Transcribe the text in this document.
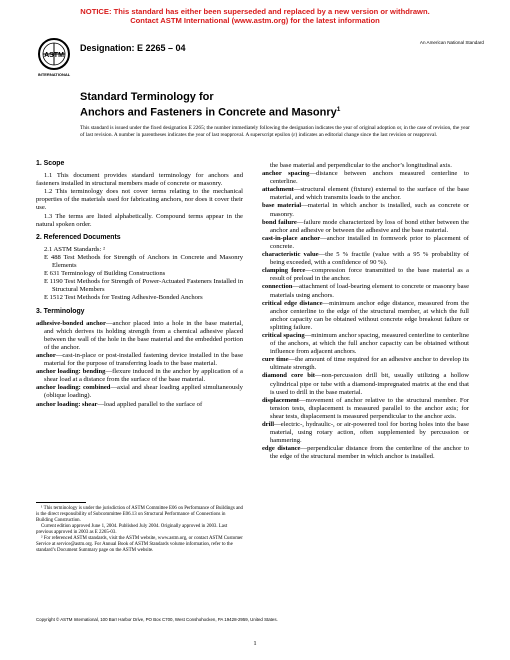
NOTICE: This standard has either been superseded and replaced by a new version or withdrawn.
Contact ASTM International (www.astm.org) for the latest information
ASTM
INTERNATIONAL
Designation: E 2265 – 04
An American National Standard
Standard Terminology for
Anchors and Fasteners in Concrete and Masonry$^1$
This standard is issued under the fixed designation E 2265; the number immediately following the designation indicates the year of original adoption or, in the case of revision, the year of last revision. A number in parentheses indicates the year of last reapproval. A superscript epsilon (ε) indicates an editorial change since the last revision or reapproval.
1. Scope

1.1 This document provides standard terminology for anchors and fasteners installed in structural members made of concrete or masonry.

1.2 This terminology does not cover terms relating to the mechanical properties of the materials used for fabricating anchors, nor does it cover their use.

1.3 The terms are listed alphabetically. Compound terms appear in the natural spoken order.

2. Referenced Documents

2.1 ASTM Standards: ²

E 488 Test Methods for Strength of Anchors in Concrete and Masonry Elements

E 631 Terminology of Building Constructions

E 1190 Test Methods for Strength of Power-Actuated Fasteners Installed in Structural Members

E 1512 Test Methods for Testing Adhesive-Bonded Anchors

3. Terminology

adhesive-bonded anchor—anchor placed into a hole in the base material, and which derives its holding strength from a chemical adhesive placed between the wall of the hole in the base material and the embedded portion of the anchor.

anchor—cast-in-place or post-installed fastening device installed in the base material for the purpose of transferring loads to the base material.

anchor loading: bending—flexure induced in the anchor by application of a shear load at a distance from the surface of the base material.

anchor loading: combined—axial and shear loading applied simultaneously (oblique loading).

anchor loading: shear—load applied parallel to the surface of

¹ This terminology is under the jurisdiction of ASTM Committee E06 on Performance of Buildings and is the direct responsibility of Subcommittee E06.13 on Structural Performance of Connections in Building Construction.

Current edition approved June 1, 2004. Published July 2004. Originally approved in 2003. Last previous approved in 2003 as E 2265-03.

² For referenced ASTM standards, visit the ASTM website, www.astm.org, or contact ASTM Customer Service at service@astm.org. For Annual Book of ASTM Standards volume information, refer to the standard’s Document Summary page on the ASTM website.

the base material and perpendicular to the anchor’s longitudinal axis.

anchor spacing—distance between anchors measured centerline to centerline.

attachment—structural element (fixture) external to the surface of the base material, and which transmits loads to the anchor.

base material—material in which anchor is installed, such as concrete or masonry.

bond failure—failure mode characterized by loss of bond either between the anchor and adhesive or between the adhesive and the base material.

cast-in-place anchor—anchor installed in formwork prior to placement of concrete.

characteristic value—the 5 % fractile (value with a 95 % probability of being exceeded, with a confidence of 90 %).

clamping force—compression force transmitted to the base material as a result of preload in the anchor.

connection—attachment of load-bearing element to concrete or masonry base materials using anchors.

critical edge distance—minimum anchor edge distance, measured from the anchor centerline to the edge of the structural member, at which the full anchor capacity can be obtained without concrete edge breakout failure or splitting failure.

critical spacing—minimum anchor spacing, measured centerline to centerline of the anchors, at which the full anchor capacity can be obtained without influence from adjacent anchors.

cure time—the amount of time required for an adhesive anchor to develop its ultimate strength.

diamond core bit—non-percussion drill bit, usually utilizing a hollow cylindrical pipe or tube with a diamond-impregnated matrix at the end that is used to drill in the base material.

displacement—movement of anchor relative to the structural member. For tension tests, displacement is measured parallel to the anchor axis; for shear tests, displacement is measured perpendicular to the anchor axis.

drill—electric-, hydraulic-, or air-powered tool for boring holes into the base material, using rotary action, often supplemented by percussion or hammering.

edge distance—perpendicular distance from the centerline of the anchor to the edge of the structural member in which anchor is installed.

Copyright © ASTM International, 100 Barr Harbor Drive, PO Box C700, West Conshohocken, PA 19428-2959, United States.
1
